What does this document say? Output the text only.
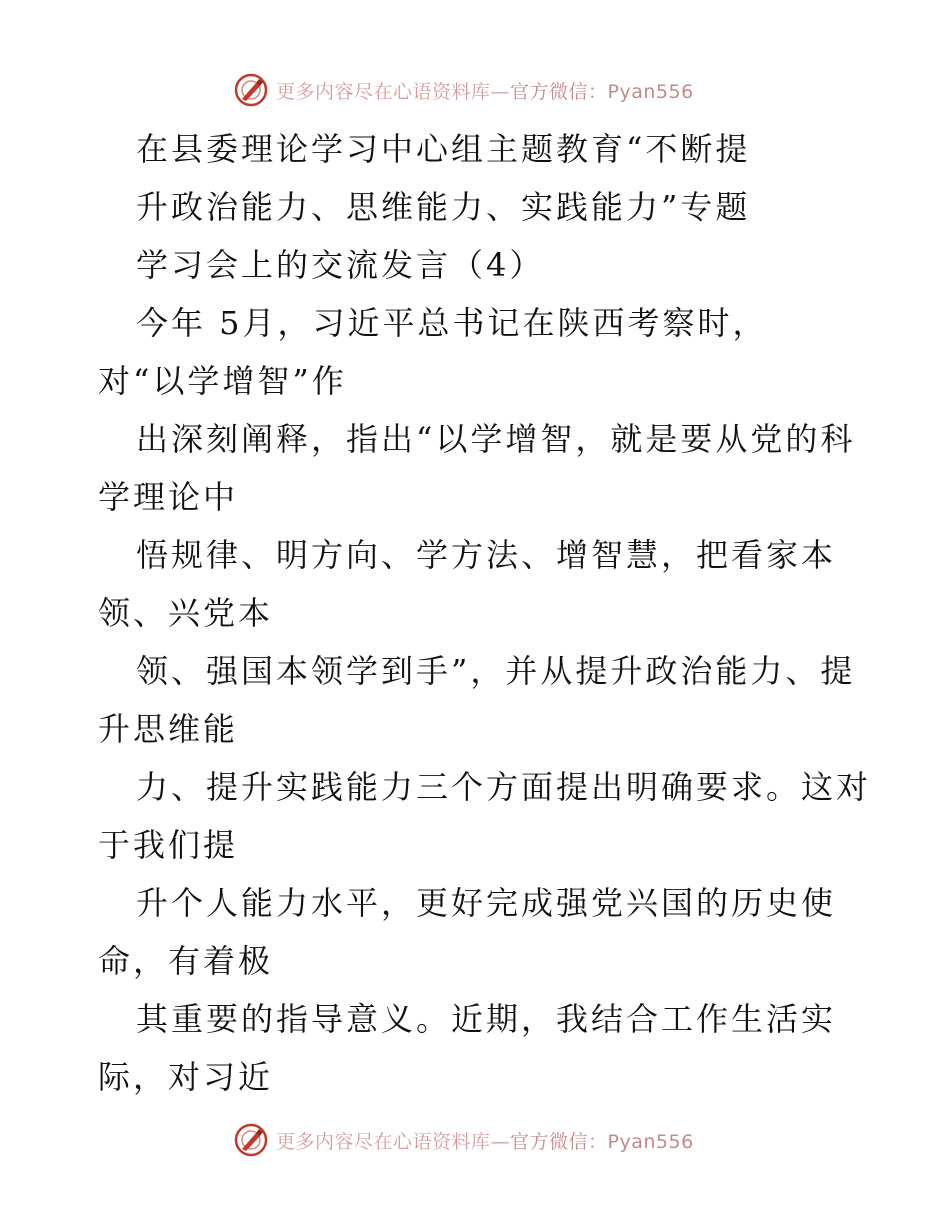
更多内容尽在心语资料库—官方微信：Pyan556
在县委理论学习中心组主题教育“不断提
升政治能力、思维能力、实践能力”专题
学习会上的交流发言（4）
今年 5月，习近平总书记在陕西考察时，
对“以学增智”作
出深刻阐释，指出“以学增智，就是要从党的科
学理论中
悟规律、明方向、学方法、增智慧，把看家本
领、兴党本
领、强国本领学到手”，并从提升政治能力、提
升思维能
力、提升实践能力三个方面提出明确要求。这对
于我们提
升个人能力水平，更好完成强党兴国的历史使
命，有着极
其重要的指导意义。近期，我结合工作生活实
际，对习近
更多内容尽在心语资料库—官方微信：Pyan556
